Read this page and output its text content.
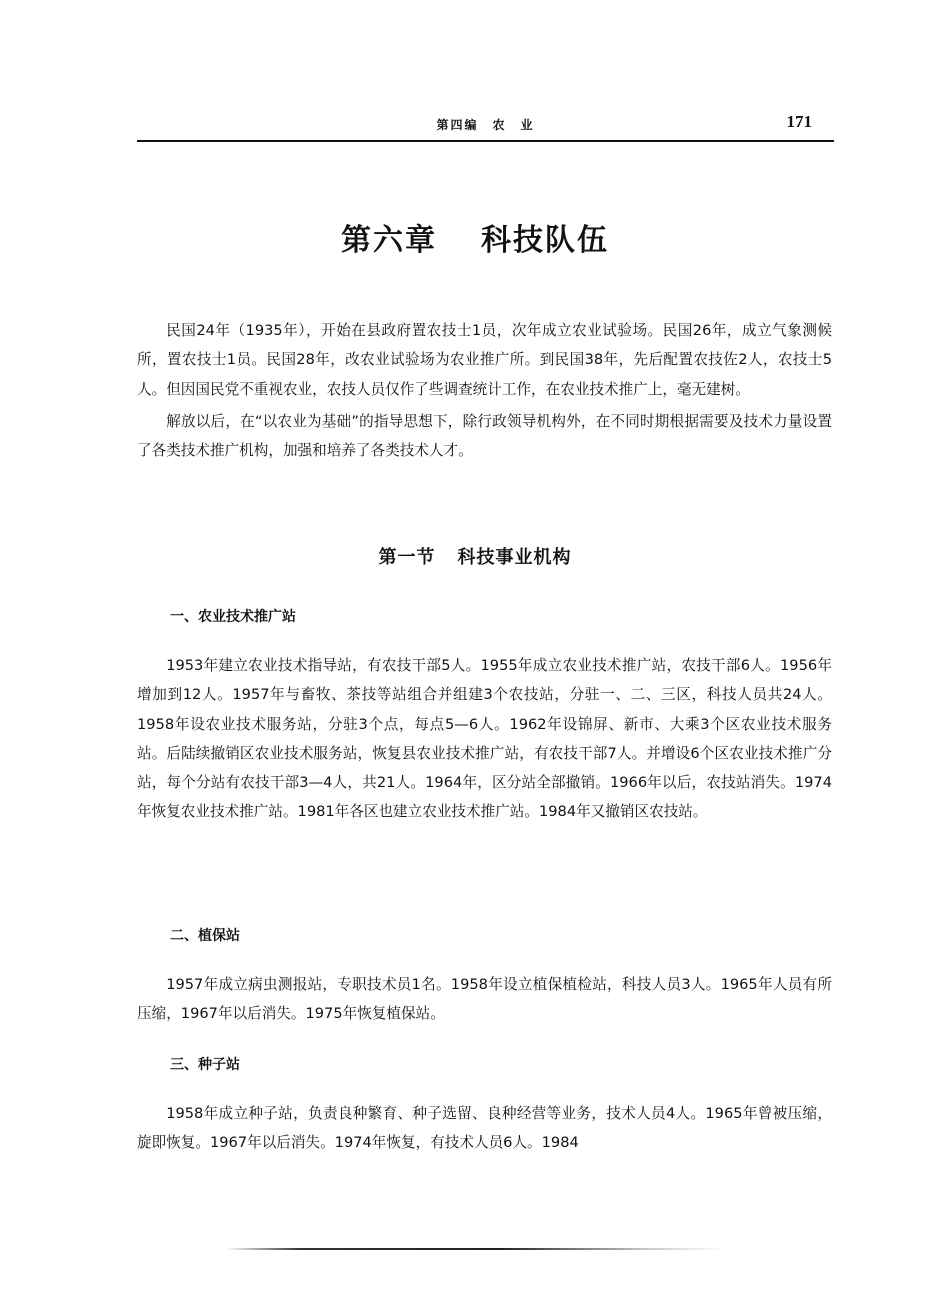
第四编　农　业	171
第六章 科技队伍

民国24年（1935年），开始在县政府置农技士1员，次年成立农业试验场。民国26年，成立气象测候所，置农技士1员。民国28年，改农业试验场为农业推广所。到民国38年，先后配置农技佐2人，农技士5人。但因国民党不重视农业，农技人员仅作了些调查统计工作，在农业技术推广上，毫无建树。

解放以后，在“以农业为基础”的指导思想下，除行政领导机构外，在不同时期根据需要及技术力量设置了各类技术推广机构，加强和培养了各类技术人才。

第一节 科技事业机构
一、农业技术推广站

1953年建立农业技术指导站，有农技干部5人。1955年成立农业技术推广站，农技干部6人。1956年增加到12人。1957年与畜牧、茶技等站组合并组建3个农技站，分驻一、二、三区，科技人员共24人。1958年设农业技术服务站，分驻3个点，每点5—6人。1962年设锦屏、新市、大乘3个区农业技术服务站。后陆续撤销区农业技术服务站，恢复县农业技术推广站，有农技干部7人。并增设6个区农业技术推广分站，每个分站有农技干部3—4人，共21人。1964年，区分站全部撤销。1966年以后，农技站消失。1974年恢复农业技术推广站。1981年各区也建立农业技术推广站。1984年又撤销区农技站。

二、植保站

1957年成立病虫测报站，专职技术员1名。1958年设立植保植检站，科技人员3人。1965年人员有所压缩，1967年以后消失。1975年恢复植保站。

三、种子站

1958年成立种子站，负责良种繁育、种子选留、良种经营等业务，技术人员4人。1965年曾被压缩，旋即恢复。1967年以后消失。1974年恢复，有技术人员6人。1984
